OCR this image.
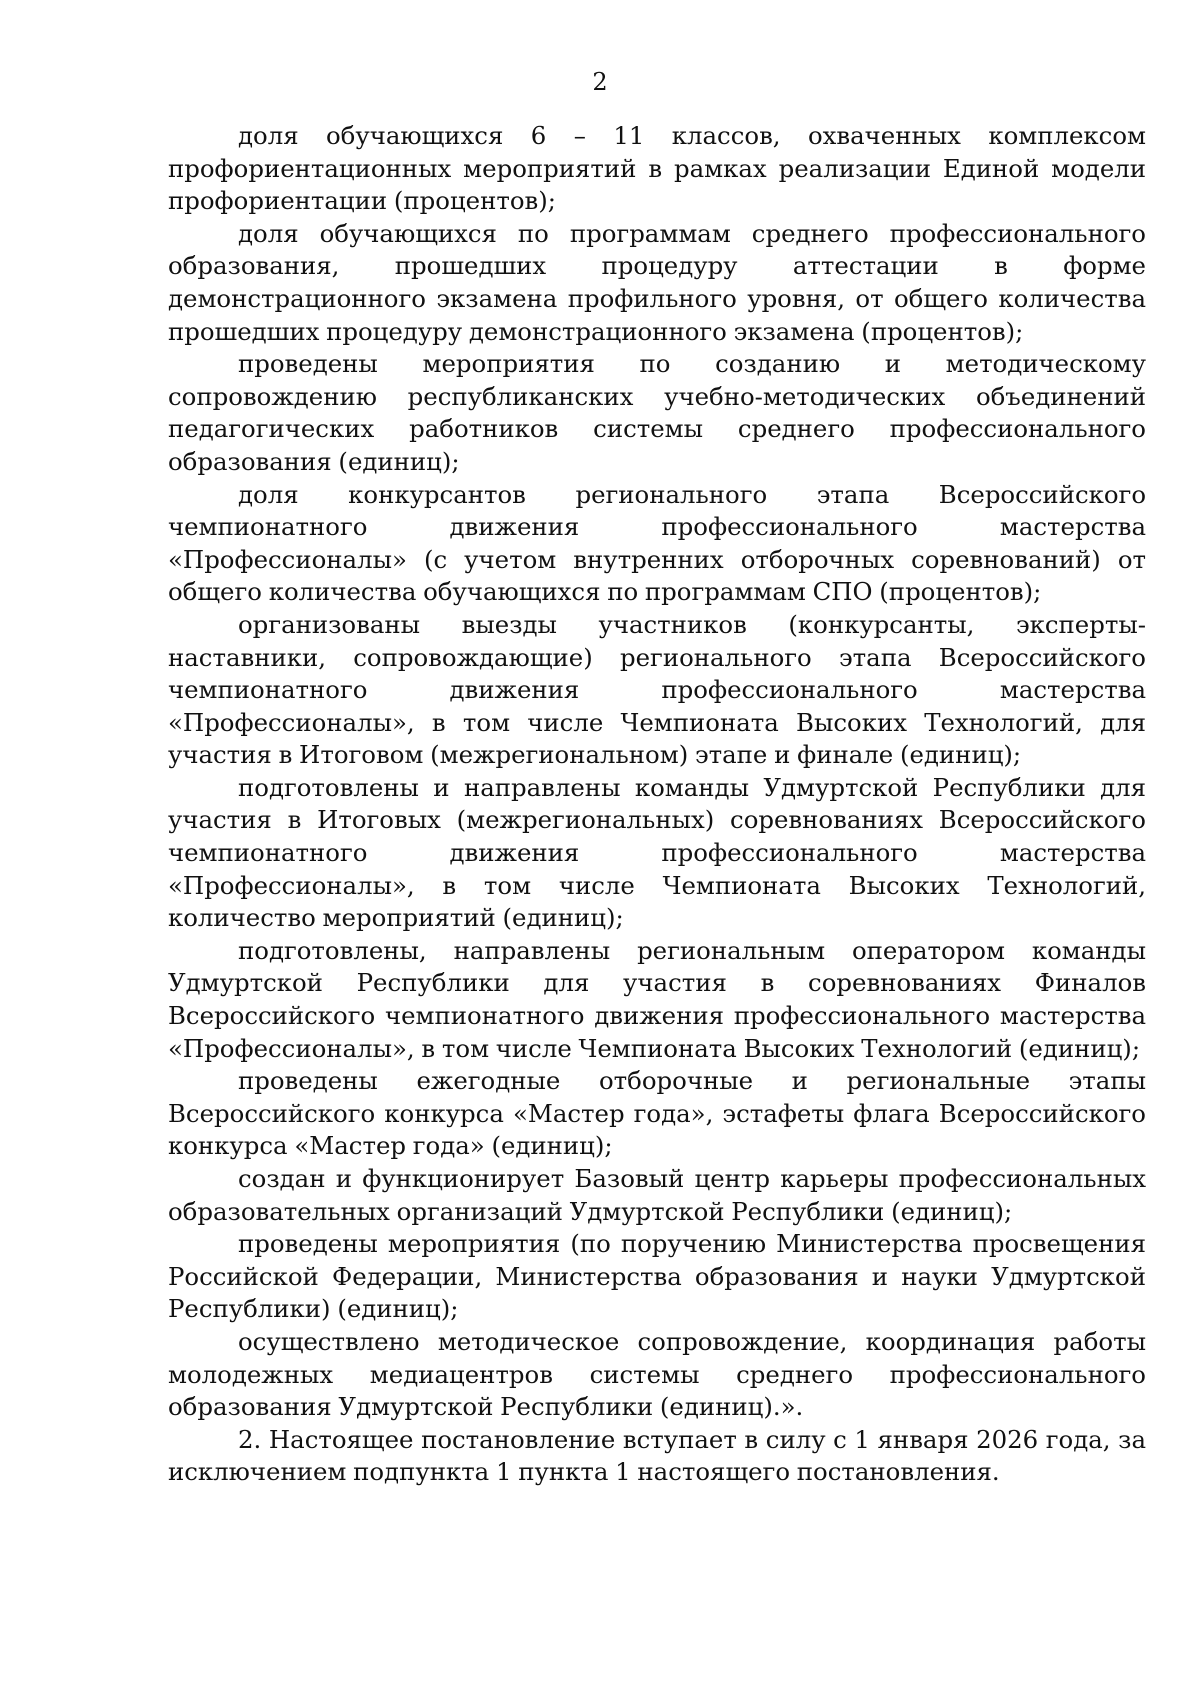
2

доля обучающихся 6 – 11 классов, охваченных комплексом профориентационных мероприятий в рамках реализации Единой модели профориентации (процентов);

доля обучающихся по программам среднего профессионального образования, прошедших процедуру аттестации в форме демонстрационного экзамена профильного уровня, от общего количества прошедших процедуру демонстрационного экзамена (процентов);

проведены мероприятия по созданию и методическому сопровождению республиканских учебно-методических объединений педагогических работников системы среднего профессионального образования (единиц);

доля конкурсантов регионального этапа Всероссийского чемпионатного движения профессионального мастерства «Профессионалы» (с учетом внутренних отборочных соревнований) от общего количества обучающихся по программам СПО (процентов);

организованы выезды участников (конкурсанты, эксперты-наставники, сопровождающие) регионального этапа Всероссийского чемпионатного движения профессионального мастерства «Профессионалы», в том числе Чемпионата Высоких Технологий, для участия в Итоговом (межрегиональном) этапе и финале (единиц);

подготовлены и направлены команды Удмуртской Республики для участия в Итоговых (межрегиональных) соревнованиях Всероссийского чемпионатного движения профессионального мастерства «Профессионалы», в том числе Чемпионата Высоких Технологий, количество мероприятий (единиц);

подготовлены, направлены региональным оператором команды Удмуртской Республики для участия в соревнованиях Финалов Всероссийского чемпионатного движения профессионального мастерства «Профессионалы», в том числе Чемпионата Высоких Технологий (единиц);

проведены ежегодные отборочные и региональные этапы Всероссийского конкурса «Мастер года», эстафеты флага Всероссийского конкурса «Мастер года» (единиц);

создан и функционирует Базовый центр карьеры профессиональных образовательных организаций Удмуртской Республики (единиц);

проведены мероприятия (по поручению Министерства просвещения Российской Федерации, Министерства образования и науки Удмуртской Республики) (единиц);

осуществлено методическое сопровождение, координация работы молодежных медиацентров системы среднего профессионального образования Удмуртской Республики (единиц).».

2. Настоящее постановление вступает в силу с 1 января 2026 года, за исключением подпункта 1 пункта 1 настоящего постановления.
